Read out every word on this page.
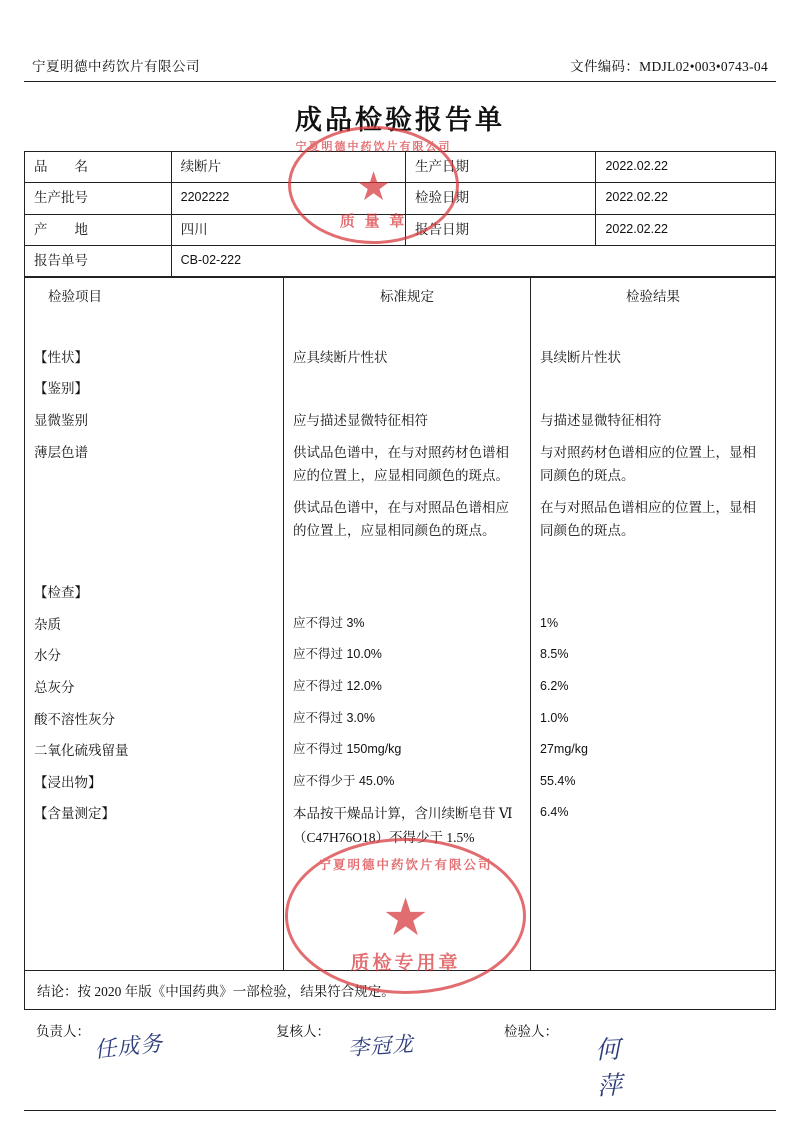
宁夏明德中药饮片有限公司	文件编码：MDJL02•003•0743-04
成品检验报告单
品　　名	续断片	生产日期	2022.02.22
生产批号	2202222	检验日期	2022.02.22
产　　地	四川	报告日期	2022.02.22
报告单号	CB-02-222		
检验项目	标准规定	检验结果

【性状】	应具续断片性状	具续断片性状
【鉴别】		
显微鉴别	应与描述显微特征相符	与描述显微特征相符
薄层色谱	供试品色谱中，在与对照药材色谱相应的位置上，应显相同颜色的斑点。	与对照药材色谱相应的位置上，显相同颜色的斑点。
	供试品色谱中，在与对照品色谱相应的位置上，应显相同颜色的斑点。	在与对照品色谱相应的位置上，显相同颜色的斑点。

【检查】		
杂质	应不得过 3%	1%
水分	应不得过 10.0%	8.5%
总灰分	应不得过 12.0%	6.2%
酸不溶性灰分	应不得过 3.0%	1.0%
二氧化硫残留量	应不得过 150mg/kg	27mg/kg
【浸出物】	应不得少于 45.0%	55.4%
【含量测定】	本品按干燥品计算，含川续断皂苷 Ⅵ（C47H76O18）不得少于 1.5%	6.4%

结论：按 2020 年版《中国药典》一部检验，结果符合规定。
负责人： 任成务	复核人：
李冠龙
检验人：
何萍
宁夏明德中药饮片有限公司
★
质 量 章
宁夏明德中药饮片有限公司
★
质检专用章
